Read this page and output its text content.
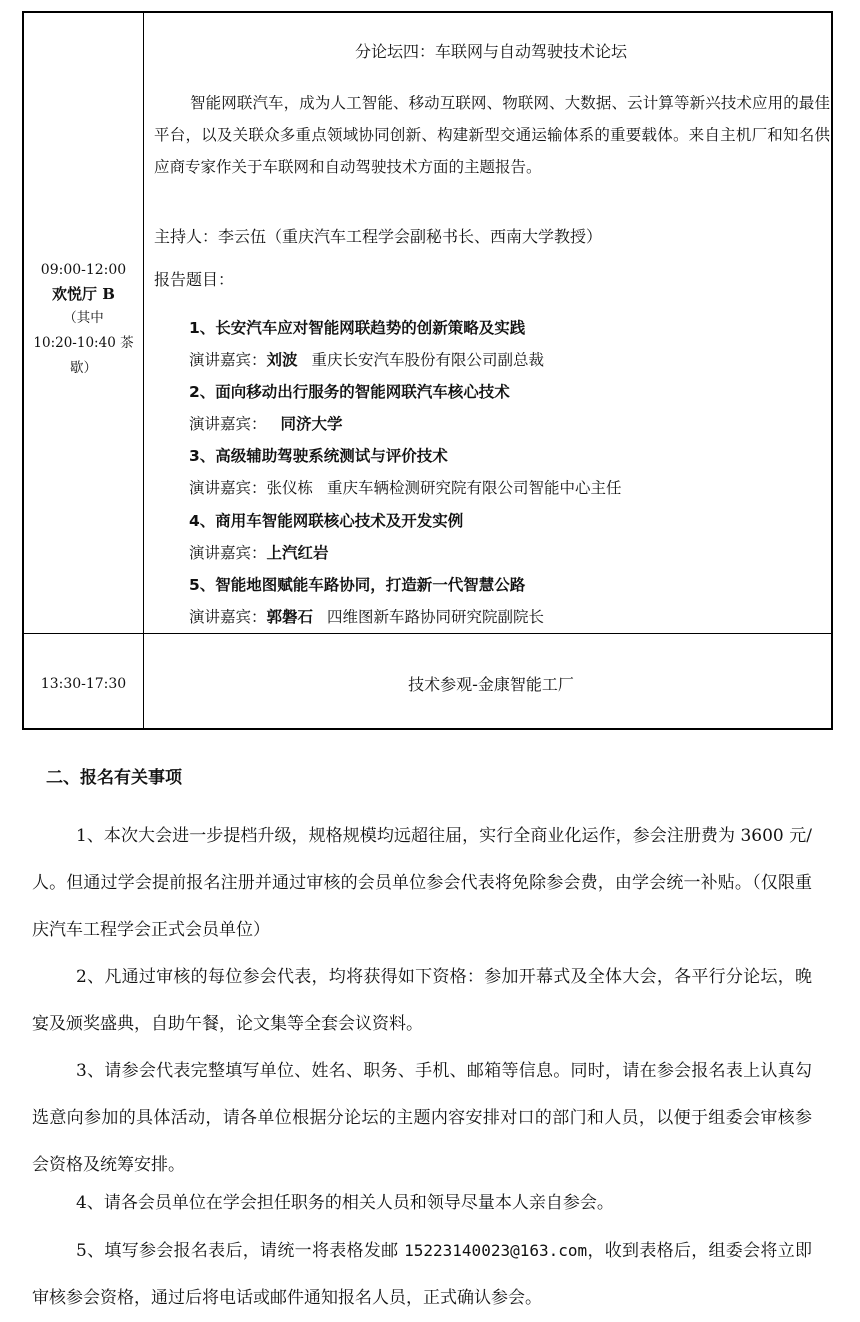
09:00-12:00
欢悦厅 B
（其中
10:20-10:40 茶
歇）
13:30-17:30
分论坛四：车联网与自动驾驶技术论坛
智能网联汽车，成为人工智能、移动互联网、物联网、大数据、云计算等新兴技术应用的最佳平台，以及关联众多重点领域协同创新、构建新型交通运输体系的重要载体。来自主机厂和知名供应商专家作关于车联网和自动驾驶技术方面的主题报告。
主持人：李云伍（重庆汽车工程学会副秘书长、西南大学教授）
报告题目：
1、长安汽车应对智能网联趋势的创新策略及实践
演讲嘉宾：刘波 重庆长安汽车股份有限公司副总裁
2、面向移动出行服务的智能网联汽车核心技术
演讲嘉宾： 同济大学
3、高级辅助驾驶系统测试与评价技术
演讲嘉宾：张仪栋 重庆车辆检测研究院有限公司智能中心主任
4、商用车智能网联核心技术及开发实例
演讲嘉宾：上汽红岩
5、智能地图赋能车路协同，打造新一代智慧公路
演讲嘉宾：郭磐石 四维图新车路协同研究院副院长
技术参观-金康智能工厂
二、报名有关事项
1、本次大会进一步提档升级，规格规模均远超往届，实行全商业化运作，参会注册费为 3600 元/人。但通过学会提前报名注册并通过审核的会员单位参会代表将免除参会费，由学会统一补贴。（仅限重庆汽车工程学会正式会员单位）
2、凡通过审核的每位参会代表，均将获得如下资格：参加开幕式及全体大会，各平行分论坛，晚宴及颁奖盛典，自助午餐，论文集等全套会议资料。
3、请参会代表完整填写单位、姓名、职务、手机、邮箱等信息。同时，请在参会报名表上认真勾选意向参加的具体活动，请各单位根据分论坛的主题内容安排对口的部门和人员，以便于组委会审核参会资格及统筹安排。
4、请各会员单位在学会担任职务的相关人员和领导尽量本人亲自参会。
5、填写参会报名表后，请统一将表格发邮 15223140023@163.com，收到表格后，组委会将立即审核参会资格，通过后将电话或邮件通知报名人员，正式确认参会。
